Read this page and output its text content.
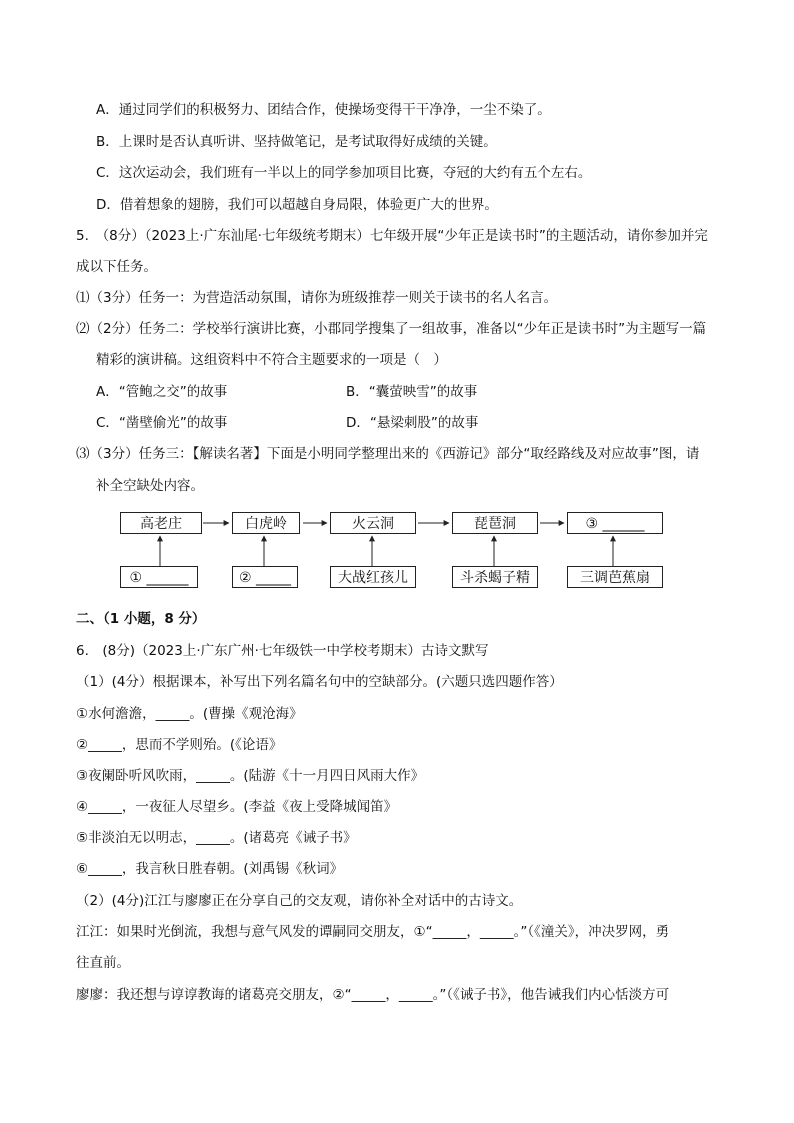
A．通过同学们的积极努力、团结合作，使操场变得干干净净，一尘不染了。
B．上课时是否认真听讲、坚持做笔记，是考试取得好成绩的关键。
C．这次运动会，我们班有一半以上的同学参加项目比赛，夺冠的大约有五个左右。
D．借着想象的翅膀，我们可以超越自身局限，体验更广大的世界。
5.　（8分）（2023上·广东汕尾·七年级统考期末）七年级开展“少年正是读书时”的主题活动，请你参加并完
成以下任务。
⑴（3分）任务一：为营造活动氛围，请你为班级推荐一则关于读书的名人名言。
⑵（2分）任务二：学校举行演讲比赛，小郡同学搜集了一组故事，准备以“少年正是读书时”为主题写一篇
精彩的演讲稿。这组资料中不符合主题要求的一项是（　）
A．“管鲍之交”的故事	B．“囊萤映雪”的故事
C．“凿壁偷光”的故事	D．“悬梁刺股”的故事
⑶（3分）任务三：【解读名著】下面是小明同学整理出来的《西游记》部分“取经路线及对应故事”图，请
补全空缺处内容。
高老庄	白虎岭	火云洞	琵琶洞	③ ______
① ______	② _____	大战红孩儿	斗杀蝎子精	三调芭蕉扇
二、（1 小题，8 分）
6.　(8分)（2023上·广东广州·七年级铁一中学校考期末）古诗文默写
（1）(4分）根据课本，补写出下列名篇名句中的空缺部分。(六题只选四题作答）
①水何澹澹，_____。(曹操《观沧海》
②_____，思而不学则殆。(《论语》
③夜阑卧听风吹雨，_____。(陆游《十一月四日风雨大作》
④_____，一夜征人尽望乡。(李益《夜上受降城闻笛》
⑤非淡泊无以明志，_____。(诸葛亮《诫子书》
⑥_____，我言秋日胜春朝。(刘禹锡《秋词》
（2）(4分)江江与廖廖正在分享自己的交友观，请你补全对话中的古诗文。
江江：如果时光倒流，我想与意气风发的谭嗣同交朋友，①“_____，_____。”（《潼关》，冲决罗网，勇
往直前。
廖廖：我还想与谆谆教诲的诸葛亮交朋友，②“_____，_____。”（《诫子书》，他告诫我们内心恬淡方可
